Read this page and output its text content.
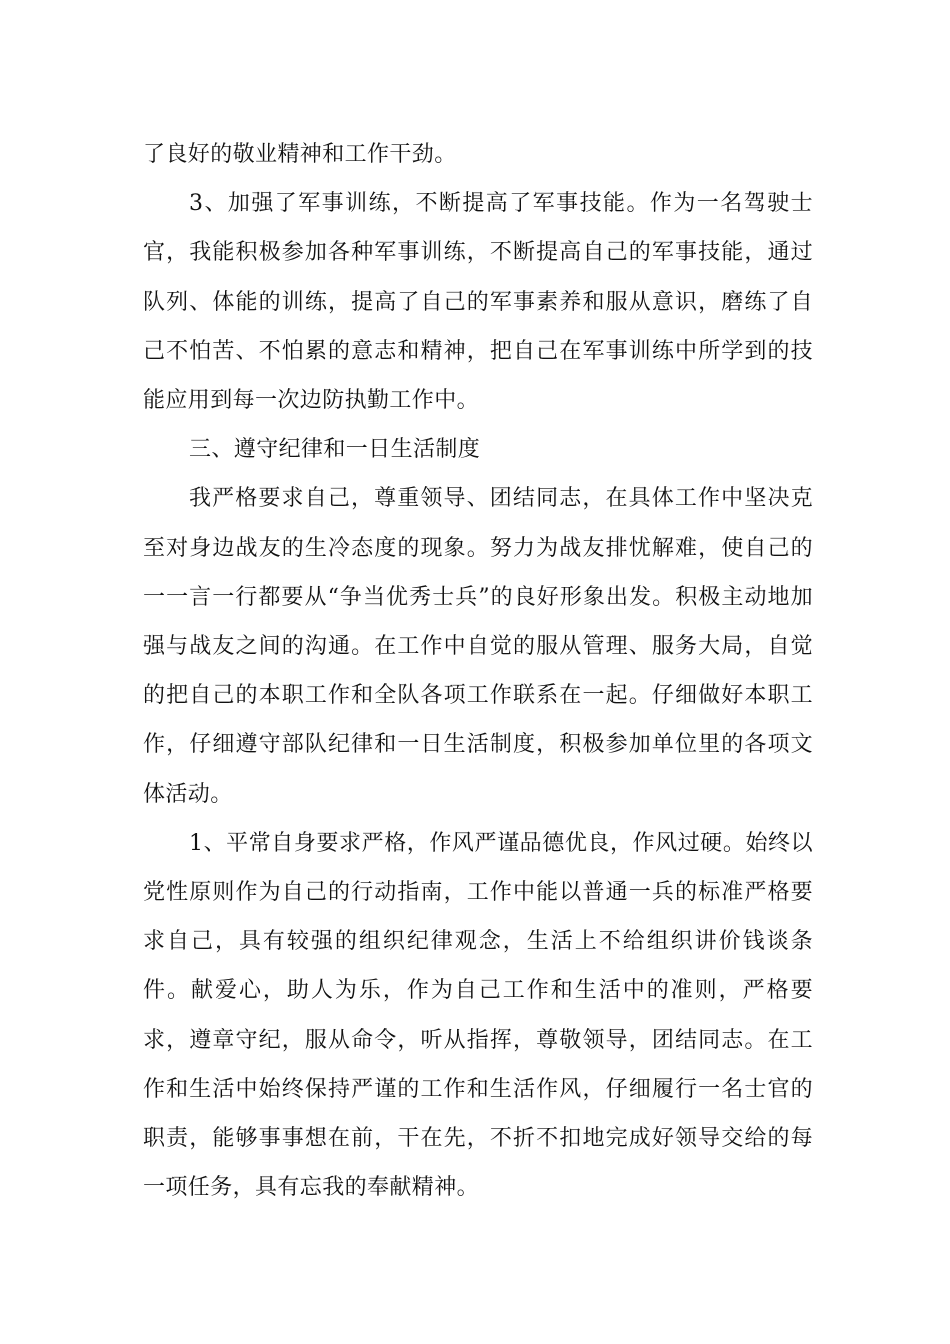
了良好的敬业精神和工作干劲。

3、加强了军事训练，不断提高了军事技能。作为一名驾驶士官，我能积极参加各种军事训练，不断提高自己的军事技能，通过队列、体能的训练，提高了自己的军事素养和服从意识，磨练了自己不怕苦、不怕累的意志和精神，把自己在军事训练中所学到的技能应用到每一次边防执勤工作中。

三、遵守纪律和一日生活制度

我严格要求自己，尊重领导、团结同志，在具体工作中坚决克至对身边战友的生冷态度的现象。努力为战友排忧解难，使自己的一一言一行都要从“争当优秀士兵”的良好形象出发。积极主动地加强与战友之间的沟通。在工作中自觉的服从管理、服务大局，自觉的把自己的本职工作和全队各项工作联系在一起。仔细做好本职工作，仔细遵守部队纪律和一日生活制度，积极参加单位里的各项文体活动。

1、平常自身要求严格，作风严谨品德优良，作风过硬。始终以党性原则作为自己的行动指南，工作中能以普通一兵的标准严格要求自己，具有较强的组织纪律观念，生活上不给组织讲价钱谈条件。献爱心，助人为乐，作为自己工作和生活中的准则，严格要求，遵章守纪，服从命令，听从指挥，尊敬领导，团结同志。在工作和生活中始终保持严谨的工作和生活作风，仔细履行一名士官的职责，能够事事想在前，干在先，不折不扣地完成好领导交给的每一项任务，具有忘我的奉献精神。
